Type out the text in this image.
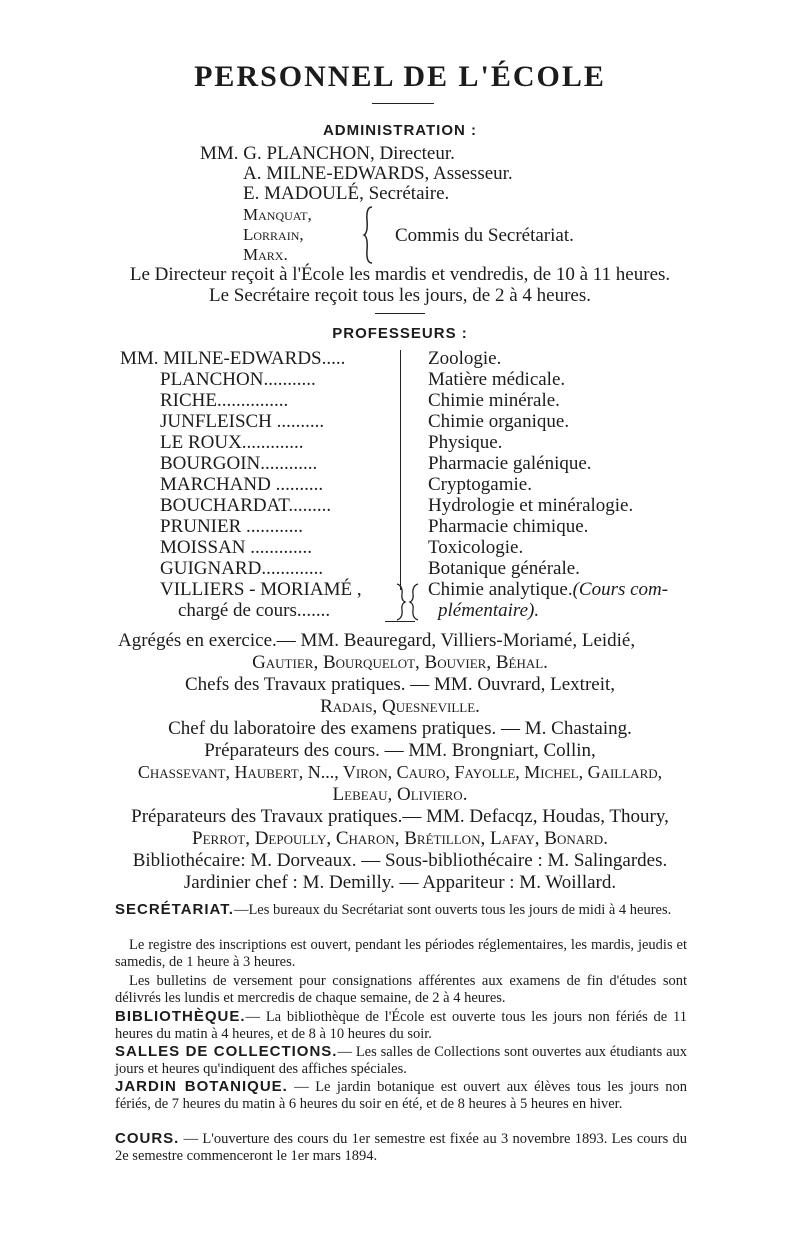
PERSONNEL DE L'ÉCOLE
ADMINISTRATION :
MM. G. PLANCHON, Directeur.
A. MILNE-EDWARDS, Assesseur.
E. MADOULÉ, Secrétaire.
Manquat,
Lorrain,
Marx.
Commis du Secrétariat.
Le Directeur reçoit à l'École les mardis et vendredis, de 10 à 11 heures.
Le Secrétaire reçoit tous les jours, de 2 à 4 heures.
PROFESSEURS :
MM. MILNE-EDWARDS.....	Zoologie.
PLANCHON...........	Matière médicale.
RICHE...............	Chimie minérale.
JUNFLEISCH ..........	Chimie organique.
LE ROUX.............	Physique.
BOURGOIN............	Pharmacie galénique.
MARCHAND ..........	Cryptogamie.
BOUCHARDAT.........	Hydrologie et minéralogie.
PRUNIER ............	Pharmacie chimique.
MOISSAN .............	Toxicologie.
GUIGNARD.............	Botanique générale.
VILLIERS - MORIAMÉ ,	Chimie analytique.(Cours com-
chargé de cours.......	plémentaire).
Agrégés en exercice.— MM. Beauregard, Villiers-Moriamé, Leidié,
Gautier, Bourquelot, Bouvier, Béhal.
Chefs des Travaux pratiques. — MM. Ouvrard, Lextreit,
Radais, Quesneville.
Chef du laboratoire des examens pratiques. — M. Chastaing.
Préparateurs des cours. — MM. Brongniart, Collin,
Chassevant, Haubert, N..., Viron, Cauro, Fayolle, Michel, Gaillard,
Lebeau, Oliviero.
Préparateurs des Travaux pratiques.— MM. Defacqz, Houdas, Thoury,
Perrot, Depoully, Charon, Brétillon, Lafay, Bonard.
Bibliothécaire: M. Dorveaux. — Sous-bibliothécaire : M. Salingardes.
Jardinier chef : M. Demilly. — Appariteur : M. Woillard.
SECRÉTARIAT.—Les bureaux du Secrétariat sont ouverts tous les jours de midi à 4 heures.
Le registre des inscriptions est ouvert, pendant les périodes réglementaires, les mardis, jeudis et samedis, de 1 heure à 3 heures.
Les bulletins de versement pour consignations afférentes aux examens de fin d'études sont délivrés les lundis et mercredis de chaque semaine, de 2 à 4 heures.
BIBLIOTHÈQUE.— La bibliothèque de l'École est ouverte tous les jours non fériés de 11 heures du matin à 4 heures, et de 8 à 10 heures du soir.
SALLES DE COLLECTIONS.— Les salles de Collections sont ouvertes aux étudiants aux jours et heures qu'indiquent des affiches spéciales.
JARDIN BOTANIQUE. — Le jardin botanique est ouvert aux élèves tous les jours non fériés, de 7 heures du matin à 6 heures du soir en été, et de 8 heures à 5 heures en hiver.
COURS. — L'ouverture des cours du 1er semestre est fixée au 3 novembre 1893. Les cours du 2e semestre commenceront le 1er mars 1894.
